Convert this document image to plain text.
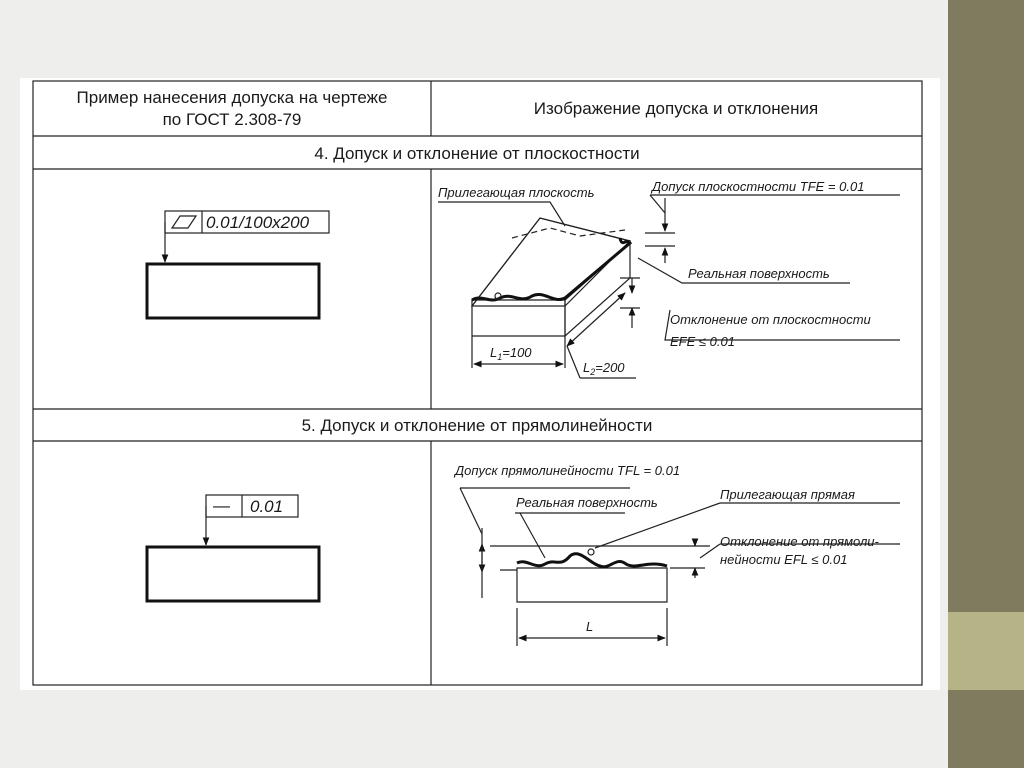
Пример нанесения допуска на чертеже
по ГОСТ 2.308-79
Изображение допуска и отклонения
4. Допуск и отклонение от плоскостности
0.01/100x200
Прилегающая плоскость	Допуск плоскостности TFE = 0.01
Реальная поверхность
Отклонение от плоскостности
EFE ≤ 0.01
$L_1=100$
$L_2=200$
5. Допуск и отклонение от прямолинейности
— 0.01
Допуск прямолинейности TFL = 0.01
Реальная поверхность
Прилегающая прямая
Отклонение от прямоли-
нейности EFL ≤ 0.01
L
